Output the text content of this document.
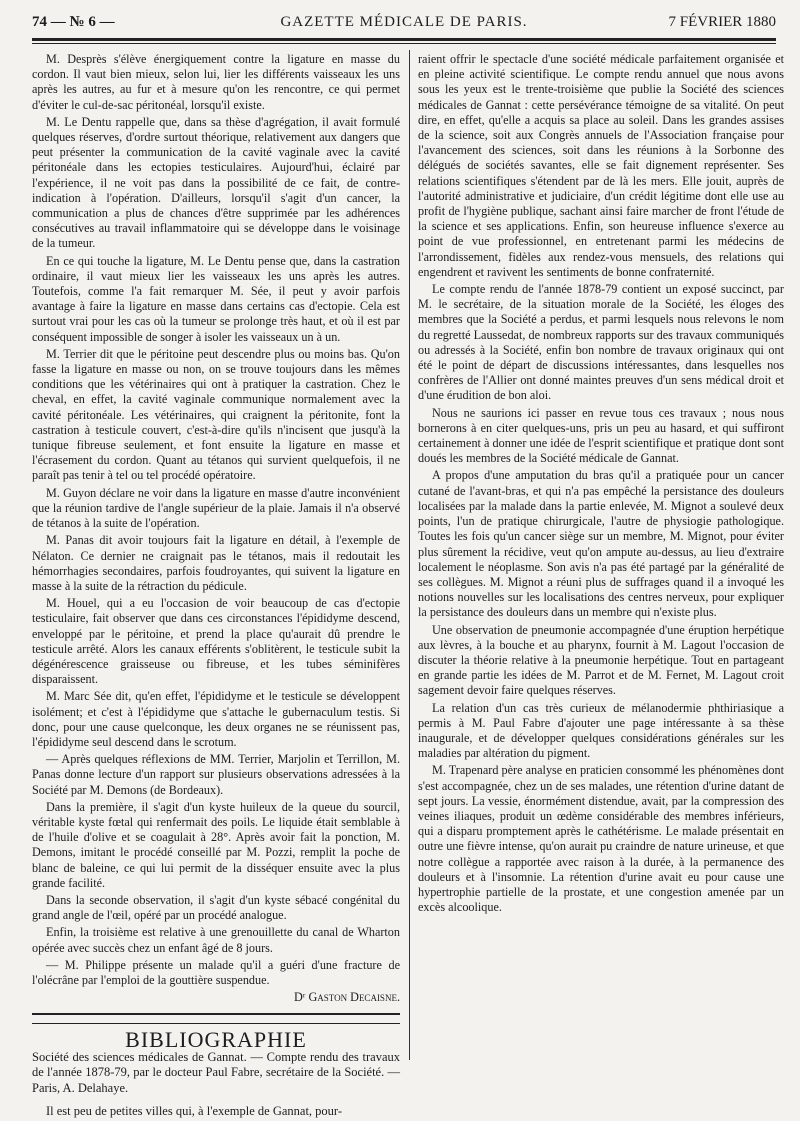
74 — № 6 —	GAZETTE MÉDICALE DE PARIS.	7 FÉVRIER 1880

M. Desprès s'élève énergiquement contre la ligature en masse du cordon. Il vaut bien mieux, selon lui, lier les différents vaisseaux les uns après les autres, au fur et à mesure qu'on les rencontre, ce qui permet d'éviter le cul-de-sac péritonéal, lorsqu'il existe.

M. Le Dentu rappelle que, dans sa thèse d'agrégation, il avait formulé quelques réserves, d'ordre surtout théorique, relativement aux dangers que peut présenter la communication de la cavité vaginale avec la cavité péritonéale dans les ectopies testiculaires. Aujourd'hui, éclairé par l'expérience, il ne voit pas dans la possibilité de ce fait, de contre-indication à l'opération. D'ailleurs, lorsqu'il s'agit d'un cancer, la communication a plus de chances d'être supprimée par les adhérences consécutives au travail inflammatoire qui se développe dans le voisinage de la tumeur.

En ce qui touche la ligature, M. Le Dentu pense que, dans la castration ordinaire, il vaut mieux lier les vaisseaux les uns après les autres. Toutefois, comme l'a fait remarquer M. Sée, il peut y avoir parfois avantage à faire la ligature en masse dans certains cas d'ectopie. Cela est surtout vrai pour les cas où la tumeur se prolonge très haut, et où il est par conséquent impossible de songer à isoler les vaisseaux un à un.

M. Terrier dit que le péritoine peut descendre plus ou moins bas. Qu'on fasse la ligature en masse ou non, on se trouve toujours dans les mêmes conditions que les vétérinaires qui ont à pratiquer la castration. Chez le cheval, en effet, la cavité vaginale communique normalement avec la cavité péritonéale. Les vétérinaires, qui craignent la péritonite, font la castration à testicule couvert, c'est-à-dire qu'ils n'incisent que jusqu'à la tunique fibreuse seulement, et font ensuite la ligature en masse et l'écrasement du cordon. Quant au tétanos qui survient quelquefois, il ne paraît pas tenir à tel ou tel procédé opératoire.

M. Guyon déclare ne voir dans la ligature en masse d'autre inconvénient que la réunion tardive de l'angle supérieur de la plaie. Jamais il n'a observé de tétanos à la suite de l'opération.

M. Panas dit avoir toujours fait la ligature en détail, à l'exemple de Nélaton. Ce dernier ne craignait pas le tétanos, mais il redoutait les hémorrhagies secondaires, parfois foudroyantes, qui suivent la ligature en masse à la suite de la rétraction du pédicule.

M. Houel, qui a eu l'occasion de voir beaucoup de cas d'ectopie testiculaire, fait observer que dans ces circonstances l'épididyme descend, enveloppé par le péritoine, et prend la place qu'aurait dû prendre le testicule arrêté. Alors les canaux efférents s'oblitèrent, le testicule subit la dégénérescence graisseuse ou fibreuse, et les tubes séminifères disparaissent.

M. Marc Sée dit, qu'en effet, l'épididyme et le testicule se développent isolément; et c'est à l'épididyme que s'attache le gubernaculum testis. Si donc, pour une cause quelconque, les deux organes ne se réunissent pas, l'épididyme seul descend dans le scrotum.

— Après quelques réflexions de MM. Terrier, Marjolin et Terrillon, M. Panas donne lecture d'un rapport sur plusieurs observations adressées à la Société par M. Demons (de Bordeaux).

Dans la première, il s'agit d'un kyste huileux de la queue du sourcil, véritable kyste fœtal qui renfermait des poils. Le liquide était semblable à de l'huile d'olive et se coagulait à 28°. Après avoir fait la ponction, M. Demons, imitant le procédé conseillé par M. Pozzi, remplit la poche de blanc de baleine, ce qui lui permit de la disséquer ensuite avec la plus grande facilité.

Dans la seconde observation, il s'agit d'un kyste sébacé congénital du grand angle de l'œil, opéré par un procédé analogue.

Enfin, la troisième est relative à une grenouillette du canal de Wharton opérée avec succès chez un enfant âgé de 8 jours.

— M. Philippe présente un malade qu'il a guéri d'une fracture de l'olécrâne par l'emploi de la gouttière suspendue.

Dʳ Gaston Decaisne.

BIBLIOGRAPHIE

Société des sciences médicales de Gannat. — Compte rendu des travaux de l'année 1878-79, par le docteur Paul Fabre, secrétaire de la Société. — Paris, A. Delahaye.

Il est peu de petites villes qui, à l'exemple de Gannat, pour-

raient offrir le spectacle d'une société médicale parfaitement organisée et en pleine activité scientifique. Le compte rendu annuel que nous avons sous les yeux est le trente-troisième que publie la Société des sciences médicales de Gannat : cette persévérance témoigne de sa vitalité. On peut dire, en effet, qu'elle a acquis sa place au soleil. Dans les grandes assises de la science, soit aux Congrès annuels de l'Association française pour l'avancement des sciences, soit dans les réunions à la Sorbonne des délégués de sociétés savantes, elle se fait dignement représenter. Ses relations scientifiques s'étendent par de là les mers. Elle jouit, auprès de l'autorité administrative et judiciaire, d'un crédit légitime dont elle use au profit de l'hygiène publique, sachant ainsi faire marcher de front l'étude de la science et ses applications. Enfin, son heureuse influence s'exerce au point de vue professionnel, en entretenant parmi les médecins de l'arrondissement, fidèles aux rendez-vous mensuels, des relations qui engendrent et ravivent les sentiments de bonne confraternité.

Le compte rendu de l'année 1878-79 contient un exposé succinct, par M. le secrétaire, de la situation morale de la Société, les éloges des membres que la Société a perdus, et parmi lesquels nous relevons le nom du regretté Laussedat, de nombreux rapports sur des travaux communiqués ou adressés à la Société, enfin bon nombre de travaux originaux qui ont été le point de départ de discussions intéressantes, dans lesquelles nos confrères de l'Allier ont donné maintes preuves d'un sens médical droit et d'une érudition de bon aloi.

Nous ne saurions ici passer en revue tous ces travaux ; nous nous bornerons à en citer quelques-uns, pris un peu au hasard, et qui suffiront certainement à donner une idée de l'esprit scientifique et pratique dont sont doués les membres de la Société médicale de Gannat.

A propos d'une amputation du bras qu'il a pratiquée pour un cancer cutané de l'avant-bras, et qui n'a pas empêché la persistance des douleurs localisées par la malade dans la partie enlevée, M. Mignot a soulevé deux points, l'un de pratique chirurgicale, l'autre de physiogie pathologique. Toutes les fois qu'un cancer siège sur un membre, M. Mignot, pour éviter plus sûrement la récidive, veut qu'on ampute au-dessus, au lieu d'extraire localement le néoplasme. Son avis n'a pas été partagé par la généralité de ses collègues. M. Mignot a réuni plus de suffrages quand il a invoqué les notions nouvelles sur les localisations des centres nerveux, pour expliquer la persistance des douleurs dans un membre qui n'existe plus.

Une observation de pneumonie accompagnée d'une éruption herpétique aux lèvres, à la bouche et au pharynx, fournit à M. Lagout l'occasion de discuter la théorie relative à la pneumonie herpétique. Tout en partageant en grande partie les idées de M. Parrot et de M. Fernet, M. Lagout croit sagement devoir faire quelques réserves.

La relation d'un cas très curieux de mélanodermie phthiriasique a permis à M. Paul Fabre d'ajouter une page intéressante à sa thèse inaugurale, et de développer quelques considérations générales sur les maladies par altération du pigment.

M. Trapenard père analyse en praticien consommé les phénomènes dont s'est accompagnée, chez un de ses malades, une rétention d'urine datant de sept jours. La vessie, énormément distendue, avait, par la compression des veines iliaques, produit un œdème considérable des membres inférieurs, qui a disparu promptement après le cathétérisme. Le malade présentait en outre une fièvre intense, qu'on aurait pu craindre de nature urineuse, et que notre collègue a rapportée avec raison à la durée, à la permanence des douleurs et à l'insomnie. La rétention d'urine avait eu pour cause une hypertrophie partielle de la prostate, et une congestion amenée par un excès alcoolique.
